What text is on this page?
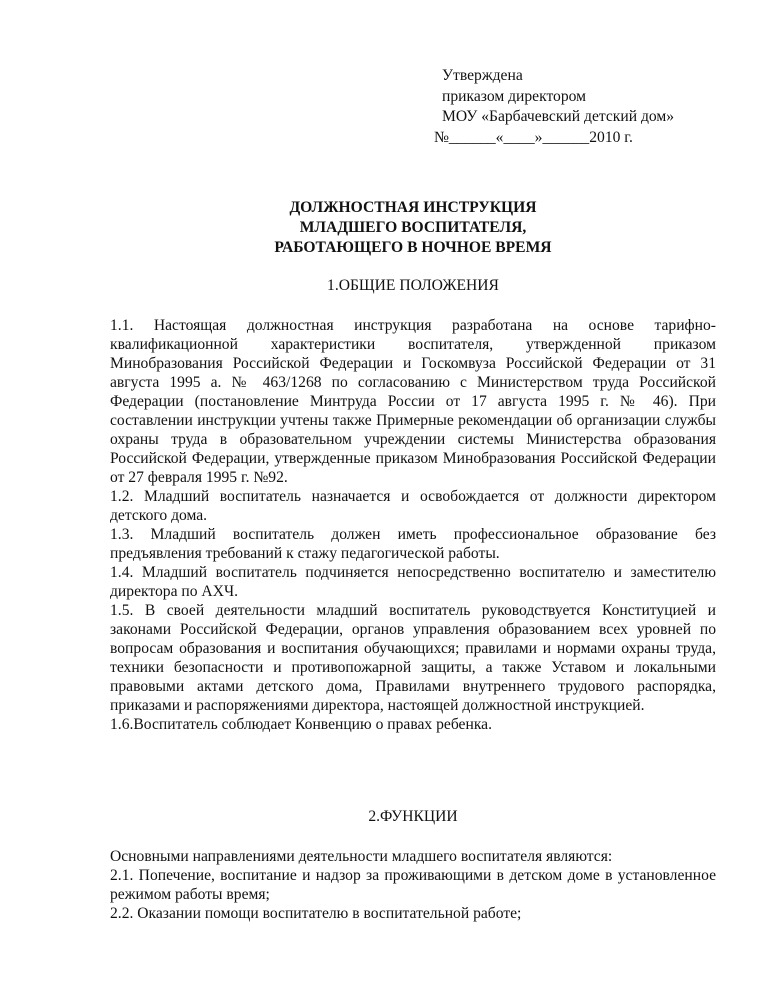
Утверждена
приказом директором
МОУ «Барбачевский детский дом»
№______«____»______2010 г.
ДОЛЖНОСТНАЯ ИНСТРУКЦИЯ
МЛАДШЕГО ВОСПИТАТЕЛЯ,
РАБОТАЮЩЕГО В НОЧНОЕ ВРЕМЯ
1.ОБЩИЕ ПОЛОЖЕНИЯ

1.1. Настоящая должностная инструкция разработана на основе тарифно-квалификационной характеристики воспитателя, утвержденной приказом Минобразования Российской Федерации и Госкомвуза Российской Федерации от 31 августа 1995 а. № 463/1268 по согласованию с Министерством труда Российской Федерации (постановление Минтруда России от 17 августа 1995 г. № 46). При составлении инструкции учтены также Примерные рекомендации об организации службы охраны труда в образовательном учреждении системы Министерства образования Российской Федерации, утвержденные приказом Минобразования Российской Федерации от 27 февраля 1995 г. №92.

1.2. Младший воспитатель назначается и освобождается от должности директором детского дома.

1.3. Младший воспитатель должен иметь профессиональное образование без предъявления требований к стажу педагогической работы.

1.4. Младший воспитатель подчиняется непосредственно воспитателю и заместителю директора по АХЧ.

1.5. В своей деятельности младший воспитатель руководствуется Конституцией и законами Российской Федерации, органов управления образованием всех уровней по вопросам образования и воспитания обучающихся; правилами и нормами охраны труда, техники безопасности и противопожарной защиты, а также Уставом и локальными правовыми актами детского дома, Правилами внутреннего трудового распорядка, приказами и распоряжениями директора, настоящей должностной инструкцией.

1.6.Воспитатель соблюдает Конвенцию о правах ребенка.

2.ФУНКЦИИ

Основными направлениями деятельности младшего воспитателя являются:

2.1. Попечение, воспитание и надзор за проживающими в детском доме в установленное режимом работы время;

2.2. Оказании помощи воспитателю в воспитательной работе;
